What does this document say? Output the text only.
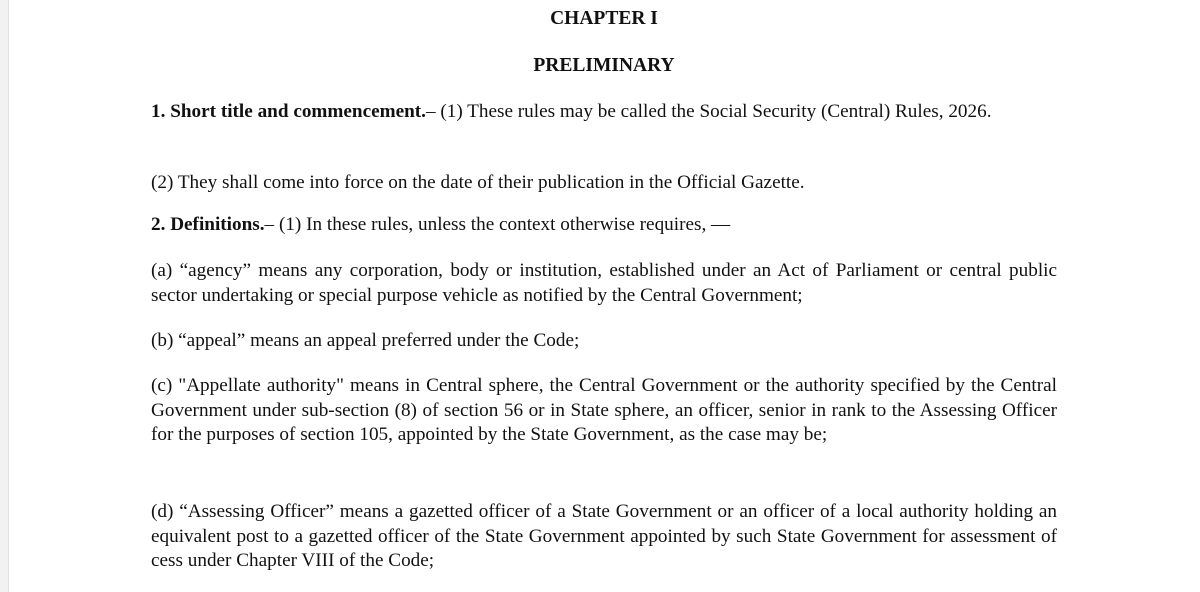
CHAPTER I
PRELIMINARY

1. Short title and commencement.– (1) These rules may be called the Social Security (Central) Rules, 2026.

(2) They shall come into force on the date of their publication in the Official Gazette.

2. Definitions.– (1) In these rules, unless the context otherwise requires, —

(a) “agency” means any corporation, body or institution, established under an Act of Parliament or central public sector undertaking or special purpose vehicle as notified by the Central Government;

(b) “appeal” means an appeal preferred under the Code;

(c) "Appellate authority" means in Central sphere, the Central Government or the authority specified by the Central Government under sub-section (8) of section 56 or in State sphere, an officer, senior in rank to the Assessing Officer for the purposes of section 105, appointed by the State Government, as the case may be;

(d) “Assessing Officer” means a gazetted officer of a State Government or an officer of a local authority holding an equivalent post to a gazetted officer of the State Government appointed by such State Government for assessment of cess under Chapter VIII of the Code;
